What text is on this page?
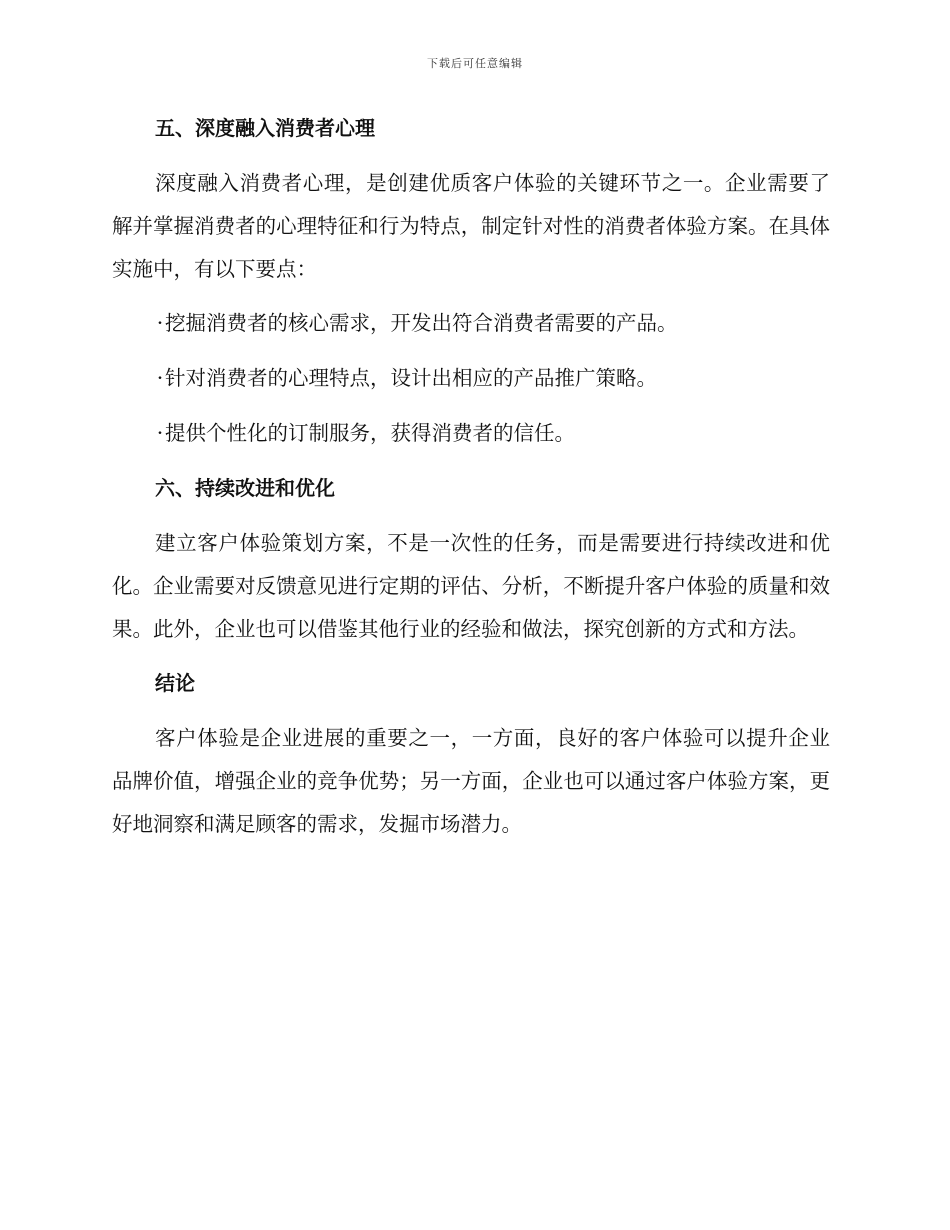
下载后可任意编辑
五、深度融入消费者心理

深度融入消费者心理，是创建优质客户体验的关键环节之一。企业需要了解并掌握消费者的心理特征和行为特点，制定针对性的消费者体验方案。在具体实施中，有以下要点：

·挖掘消费者的核心需求，开发出符合消费者需要的产品。
·针对消费者的心理特点，设计出相应的产品推广策略。
·提供个性化的订制服务，获得消费者的信任。
六、持续改进和优化

建立客户体验策划方案，不是一次性的任务，而是需要进行持续改进和优化。企业需要对反馈意见进行定期的评估、分析，不断提升客户体验的质量和效果。此外，企业也可以借鉴其他行业的经验和做法，探究创新的方式和方法。

结论

客户体验是企业进展的重要之一，一方面，良好的客户体验可以提升企业品牌价值，增强企业的竞争优势；另一方面，企业也可以通过客户体验方案，更好地洞察和满足顾客的需求，发掘市场潜力。
